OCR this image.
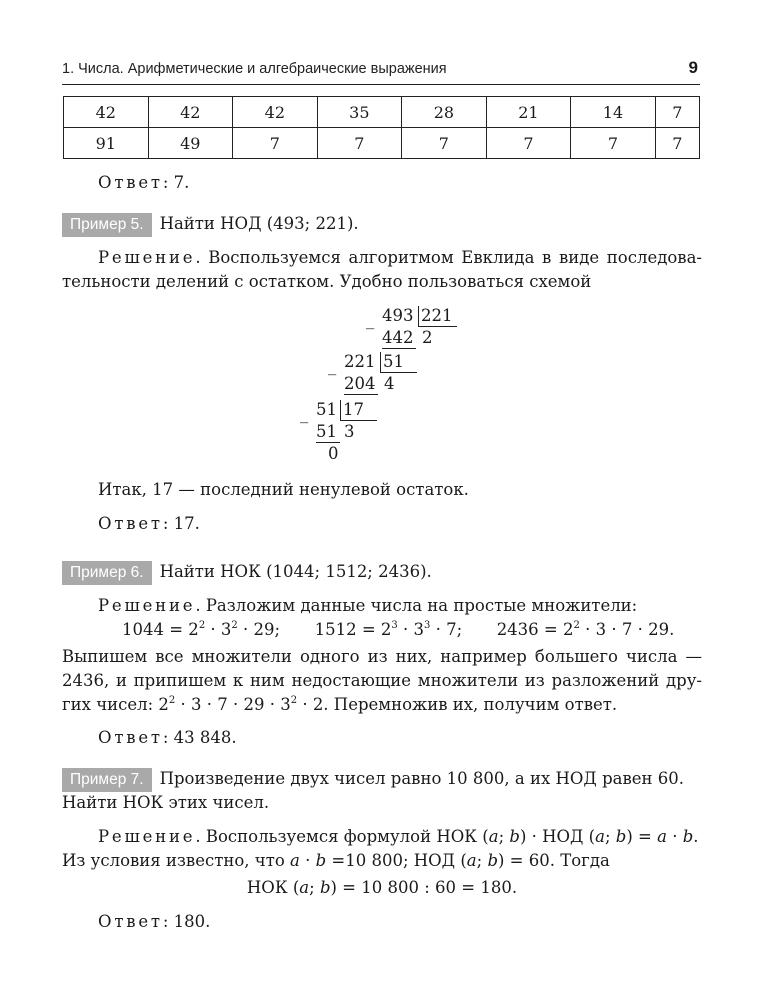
1. Числа. Арифметические и алгебраические выражения	9
42	42	42	35	28	21	14	7
91	49	7	7	7	7	7	7

Ответ: 7.

Пример 5. Найти НОД (493; 221).

Решение. Воспользуемся алгоритмом Евклида в виде последова-

тельности делений с остатком. Удобно пользоваться схемой

_ 493 221
442 2
_ 221 51
204 4
_ 51 17
51 3
0

Итак, 17 — последний ненулевой остаток.

Ответ: 17.

Пример 6. Найти НОК (1044; 1512; 2436).

Решение. Разложим данные числа на простые множители:

$1044 = 2^2 \cdot 3^2 \cdot 29$; $1512 = 2^3 \cdot 3^3 \cdot 7$; $2436 = 2^2 \cdot 3 \cdot 7 \cdot 29$.

Выпишем все множители одного из них, например большего числа —

2436, и припишем к ним недостающие множители из разложений дру-

гих чисел: $2^2 \cdot 3 \cdot 7 \cdot 29 \cdot 3^2 \cdot 2$. Перемножив их, получим ответ.

Ответ: 43 848.

Пример 7. Произведение двух чисел равно 10 800, а их НОД равен 60.

Найти НОК этих чисел.

Решение. Воспользуемся формулой НОК (a; b) · НОД (a; b) = a · b.

Из условия известно, что a · b =10 800; НОД (a; b) = 60. Тогда

НОК (a; b) = 10 800 : 60 = 180.

Ответ: 180.
